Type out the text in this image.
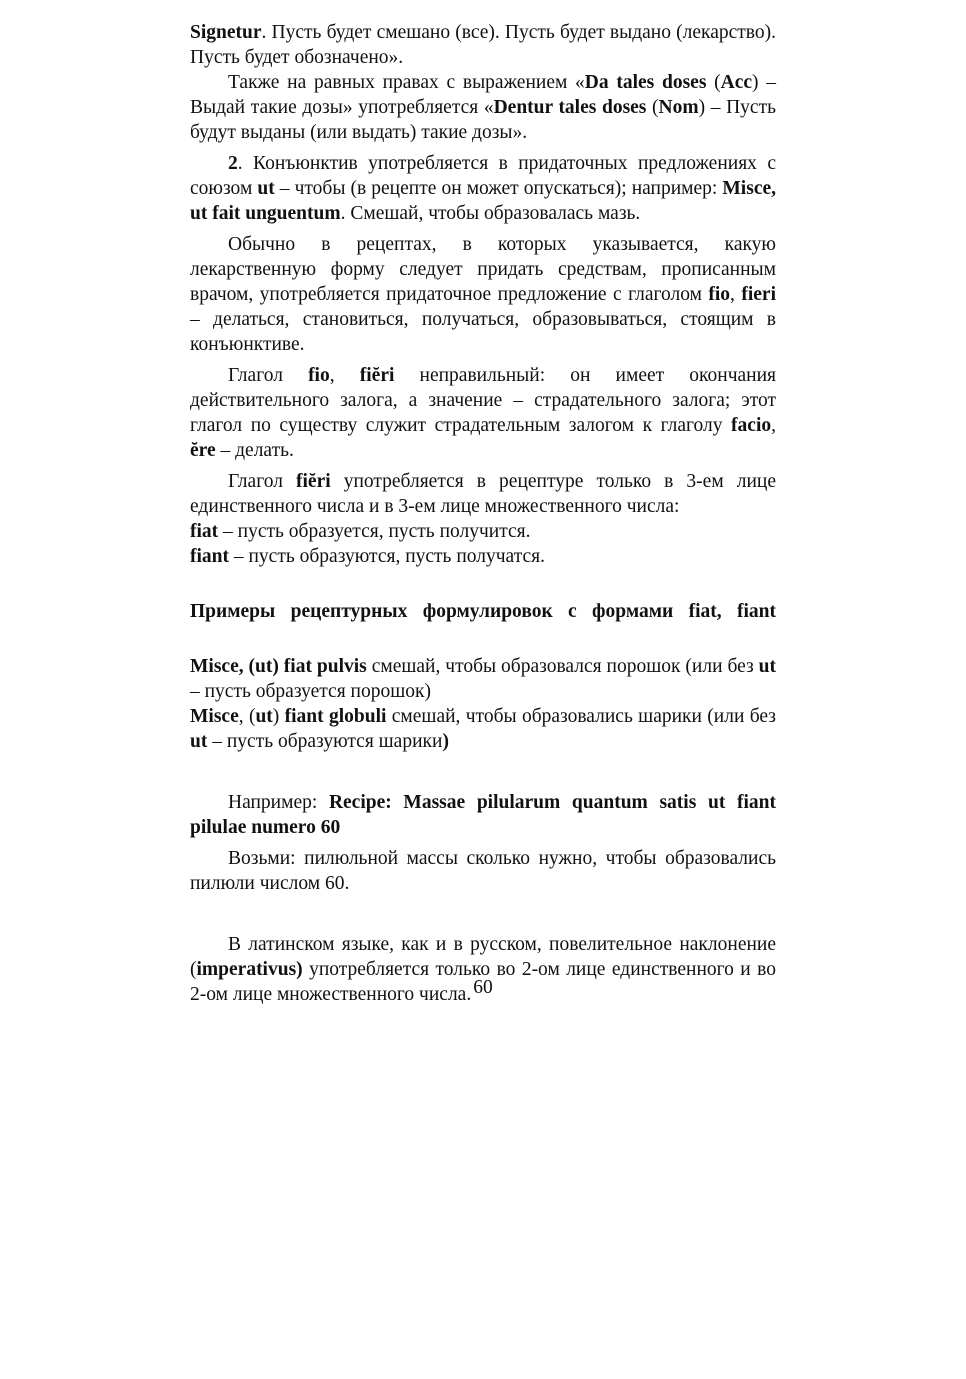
Signetur. Пусть будет смешано (все). Пусть будет выдано (лекарство). Пусть будет обозначено».

Также на равных правах с выражением «Da tales doses (Acc) – Выдай такие дозы» употребляется «Dentur tales doses (Nom) – Пусть будут выданы (или выдать) такие дозы».

2. Конъюнктив употребляется в придаточных предложениях с союзом ut – чтобы (в рецепте он может опускаться); например: Misce, ut fait unguentum. Смешай, чтобы образовалась мазь.

Обычно в рецептах, в которых указывается, какую лекарственную форму следует придать средствам, прописанным врачом, употребляется придаточное предложение с глаголом fio, fieri – делаться, становиться, получаться, образовываться, стоящим в конъюнктиве.

Глагол fio, fiĕri неправильный: он имеет окончания действительного залога, а значение – страдательного залога; этот глагол по существу служит страдательным залогом к глаголу facio, ĕre – делать.

Глагол fiĕri употребляется в рецептуре только в 3-ем лице единственного числа и в 3-ем лице множественного числа:

fiat – пусть образуется, пусть получится.

fiant – пусть образуются, пусть получатся.

Примеры рецептурных формулировок с формами fiat, fiant

Misce, (ut) fiat pulvis смешай, чтобы образовался порошок (или без ut – пусть образуется порошок)

Misce, (ut) fiant globuli смешай, чтобы образовались шарики (или без ut – пусть образуются шарики)

Например: Recipe: Massae pilularum quantum satis ut fiant pilulae numero 60

Возьми: пилюльной массы сколько нужно, чтобы образовались пилюли числом 60.

В латинском языке, как и в русском, повелительное наклонение (imperativus) употребляется только во 2-ом лице единственного и во 2-ом лице множественного числа. 60
